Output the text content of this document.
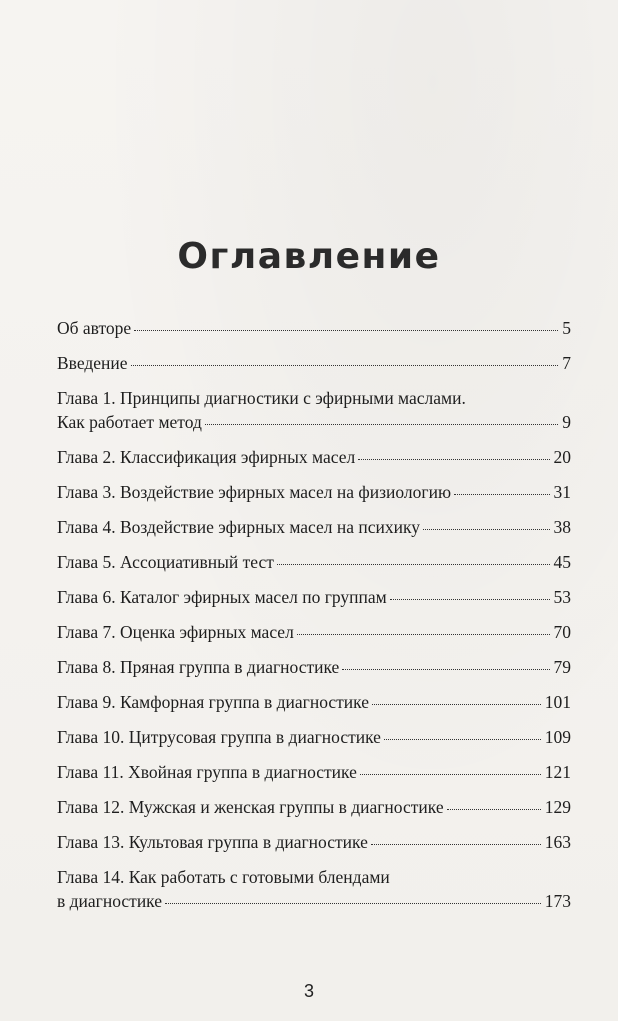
Оглавление
Об авторе	5
Введение	7
Глава 1. Принципы диагностики с эфирными маслами.
Как работает метод	9
Глава 2. Классификация эфирных масел	20
Глава 3. Воздействие эфирных масел на физиологию	31
Глава 4. Воздействие эфирных масел на психику	38
Глава 5. Ассоциативный тест	45
Глава 6. Каталог эфирных масел по группам	53
Глава 7. Оценка эфирных масел	70
Глава 8. Пряная группа в диагностике	79
Глава 9. Камфорная группа в диагностике	101
Глава 10. Цитрусовая группа в диагностике	109
Глава 11. Хвойная группа в диагностике	121
Глава 12. Мужская и женская группы в диагностике	129
Глава 13. Культовая группа в диагностике	163
Глава 14. Как работать с готовыми блендами
в диагностике	173
3
